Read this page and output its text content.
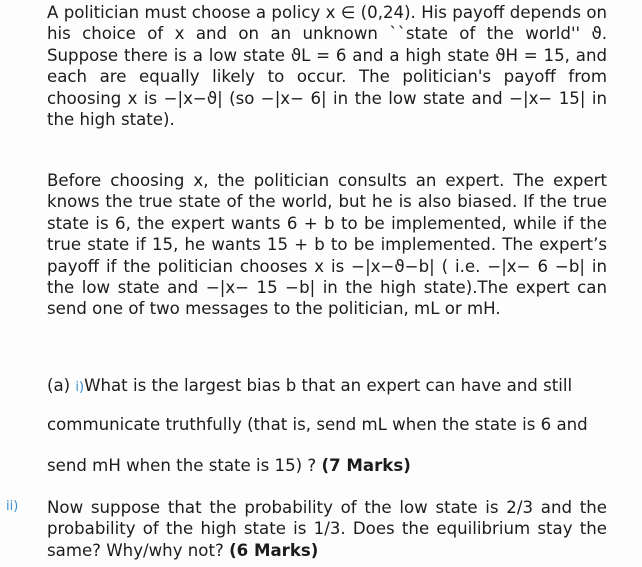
A politician must choose a policy x ∈ (0,24). His payoff depends on his choice of x and on an unknown ``state of the world'' ϑ. Suppose there is a low state ϑL = 6 and a high state ϑH = 15, and each are equally likely to occur. The politician's payoff from choosing x is −|x−ϑ| (so −|x− 6| in the low state and −|x− 15| in the high state).

Before choosing x, the politician consults an expert. The expert knows the true state of the world, but he is also biased. If the true state is 6, the expert wants 6 + b to be implemented, while if the true state if 15, he wants 15 + b to be implemented. The expert’s payoff if the politician chooses x is −|x−ϑ−b| ( i.e. −|x− 6 −b| in the low state and −|x− 15 −b| in the high state).The expert can send one of two messages to the politician, mL or mH.

(a) i)What is the largest bias b that an expert can have and still
communicate truthfully (that is, send mL when the state is 6 and
send mH when the state is 15) ? (7 Marks)
ii) Now suppose that the probability of the low state is 2/3 and the probability of the high state is 1/3. Does the equilibrium stay the same? Why/why not? (6 Marks)
